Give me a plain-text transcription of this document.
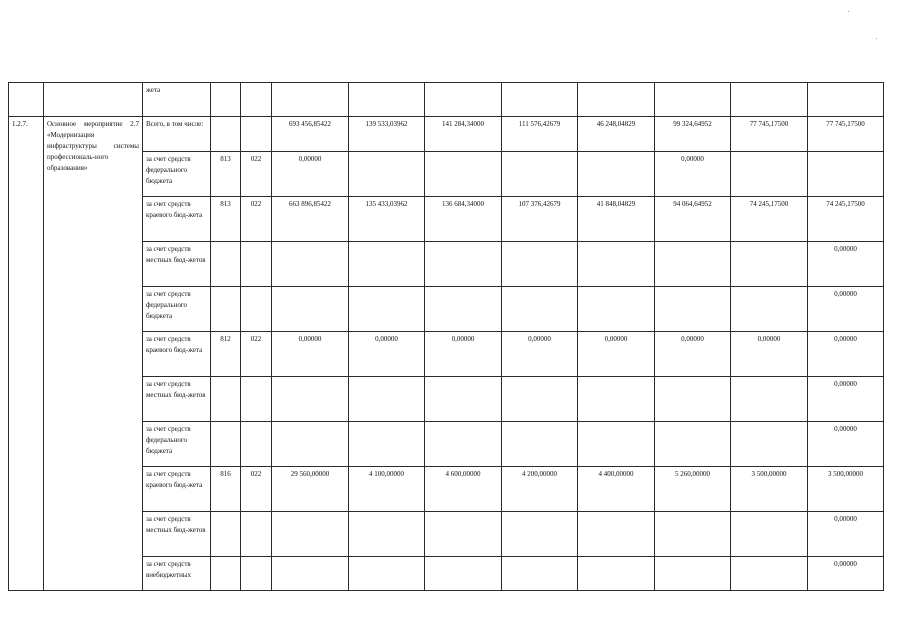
		жета										
1.2.7.	Основное мероприятие 2.7 «Модернизация инфраструктуры системы профессиональ-ного образования»	Всего, в том числе:			693 456,85422	139 533,03962	141 284,34000	111 576,42679	46 248,04829	99 324,64952	77 745,17500	77 745,17500
		за счет средств федерального бюджета	813	022	0,00000					0,00000		
		за счет средств краевого бюд-жета	813	022	663 896,85422	135 433,03962	136 684,34000	107 376,42679	41 848,04829	94 064,64952	74 245,17500	74 245,17500
		за счет средств местных бюд-жетов										0,00000
		за счет средств федерального бюджета										0,00000
		за счет средств краевого бюд-жета	812	022	0,00000	0,00000	0,00000	0,00000	0,00000	0,00000	0,00000	0,00000
		за счет средств местных бюд-жетов										0,00000
		за счет средств федерального бюджета										0,00000
		за счет средств краевого бюд-жета	816	022	29 560,00000	4 100,00000	4 600,00000	4 200,00000	4 400,00000	5 260,00000	3 500,00000	3 500,00000
		за счет средств местных бюд-жетов										0,00000
		за счет средств внебюджетных										0,00000
